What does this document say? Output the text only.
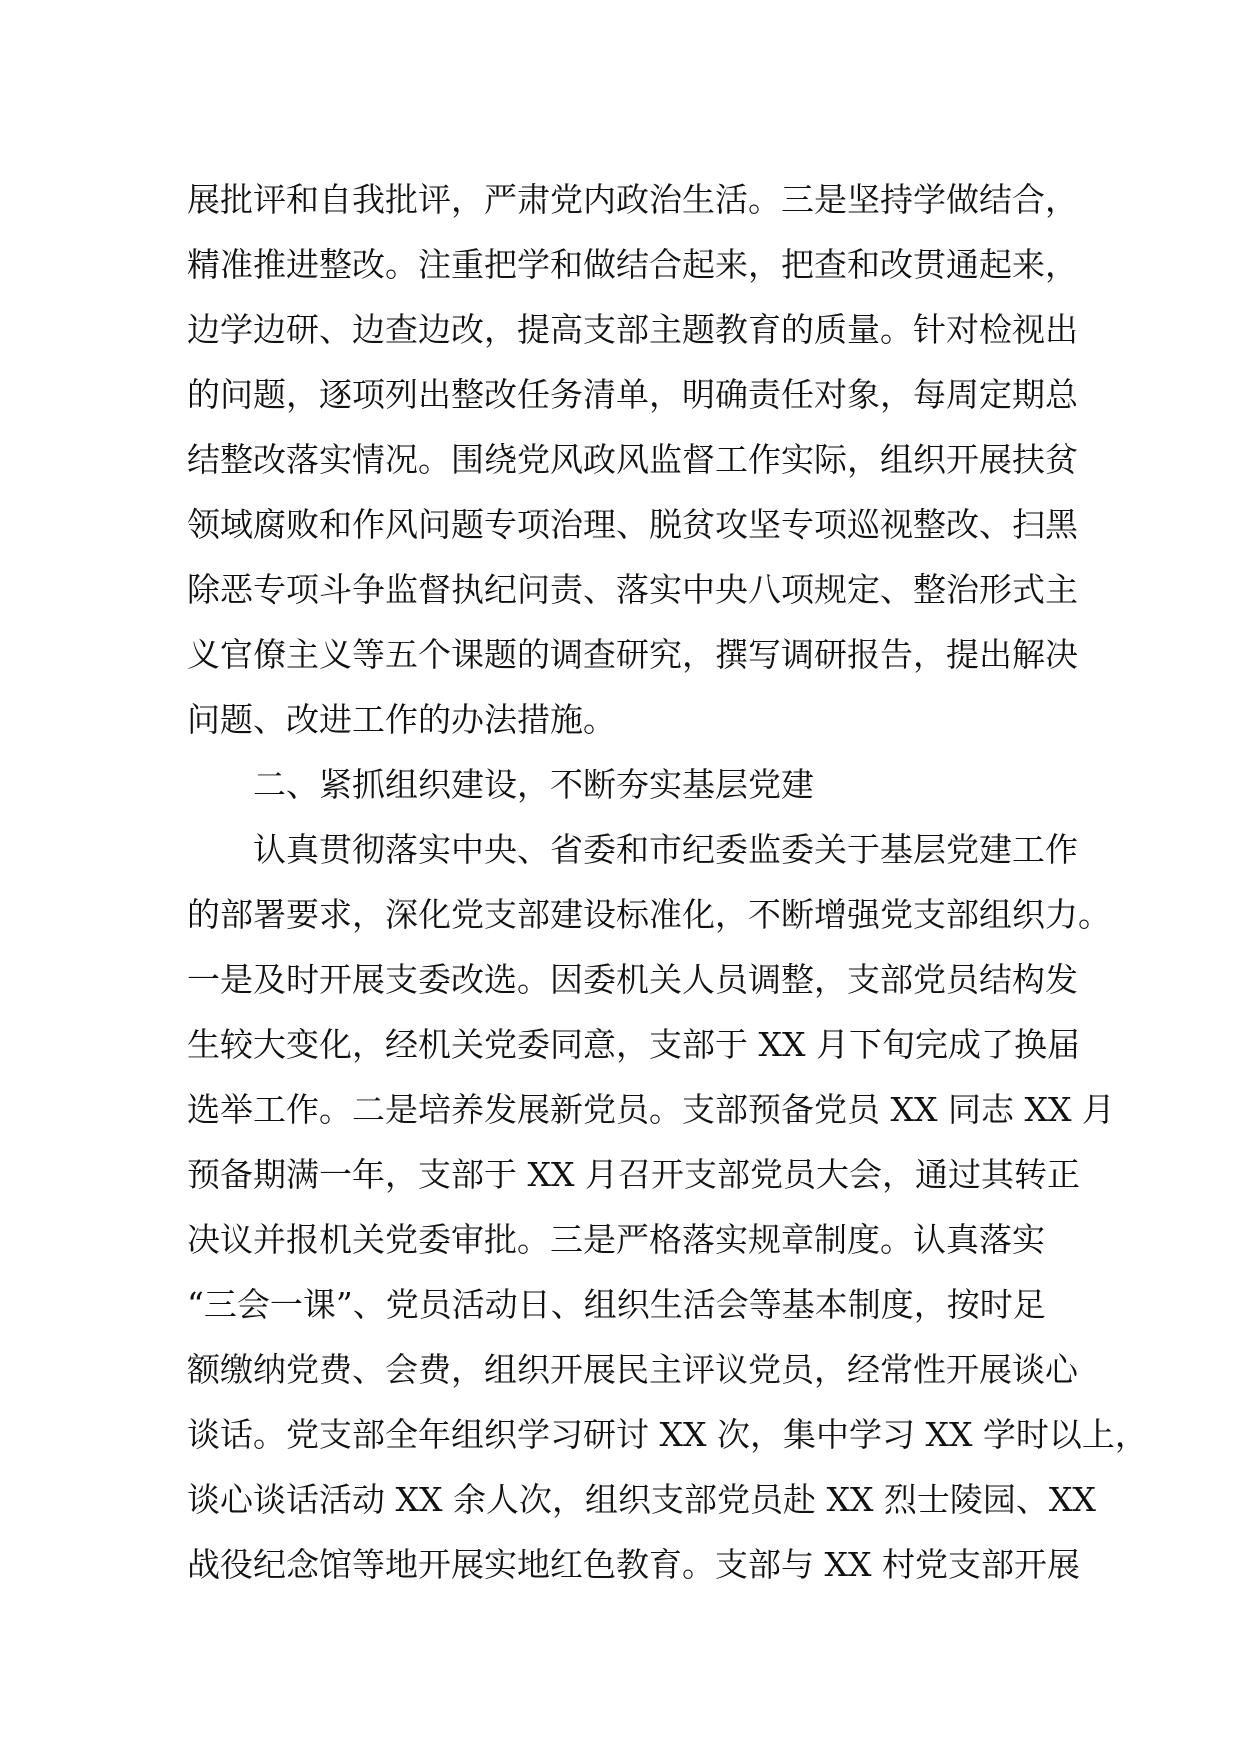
展批评和自我批评，严肃党内政治生活。三是坚持学做结合，
精准推进整改。注重把学和做结合起来，把查和改贯通起来，
边学边研、边查边改，提高支部主题教育的质量。针对检视出
的问题，逐项列出整改任务清单，明确责任对象，每周定期总
结整改落实情况。围绕党风政风监督工作实际，组织开展扶贫
领域腐败和作风问题专项治理、脱贫攻坚专项巡视整改、扫黑
除恶专项斗争监督执纪问责、落实中央八项规定、整治形式主
义官僚主义等五个课题的调查研究，撰写调研报告，提出解决
问题、改进工作的办法措施。
二、紧抓组织建设，不断夯实基层党建
认真贯彻落实中央、省委和市纪委监委关于基层党建工作
的部署要求，深化党支部建设标准化，不断增强党支部组织力。
一是及时开展支委改选。因委机关人员调整，支部党员结构发
生较大变化，经机关党委同意，支部于 XX 月下旬完成了换届
选举工作。二是培养发展新党员。支部预备党员 XX 同志 XX 月
预备期满一年，支部于 XX 月召开支部党员大会，通过其转正
决议并报机关党委审批。三是严格落实规章制度。认真落实
“三会一课”、党员活动日、组织生活会等基本制度，按时足
额缴纳党费、会费，组织开展民主评议党员，经常性开展谈心
谈话。党支部全年组织学习研讨 XX 次，集中学习 XX 学时以上，
谈心谈话活动 XX 余人次，组织支部党员赴 XX 烈士陵园、XX
战役纪念馆等地开展实地红色教育。支部与 XX 村党支部开展
